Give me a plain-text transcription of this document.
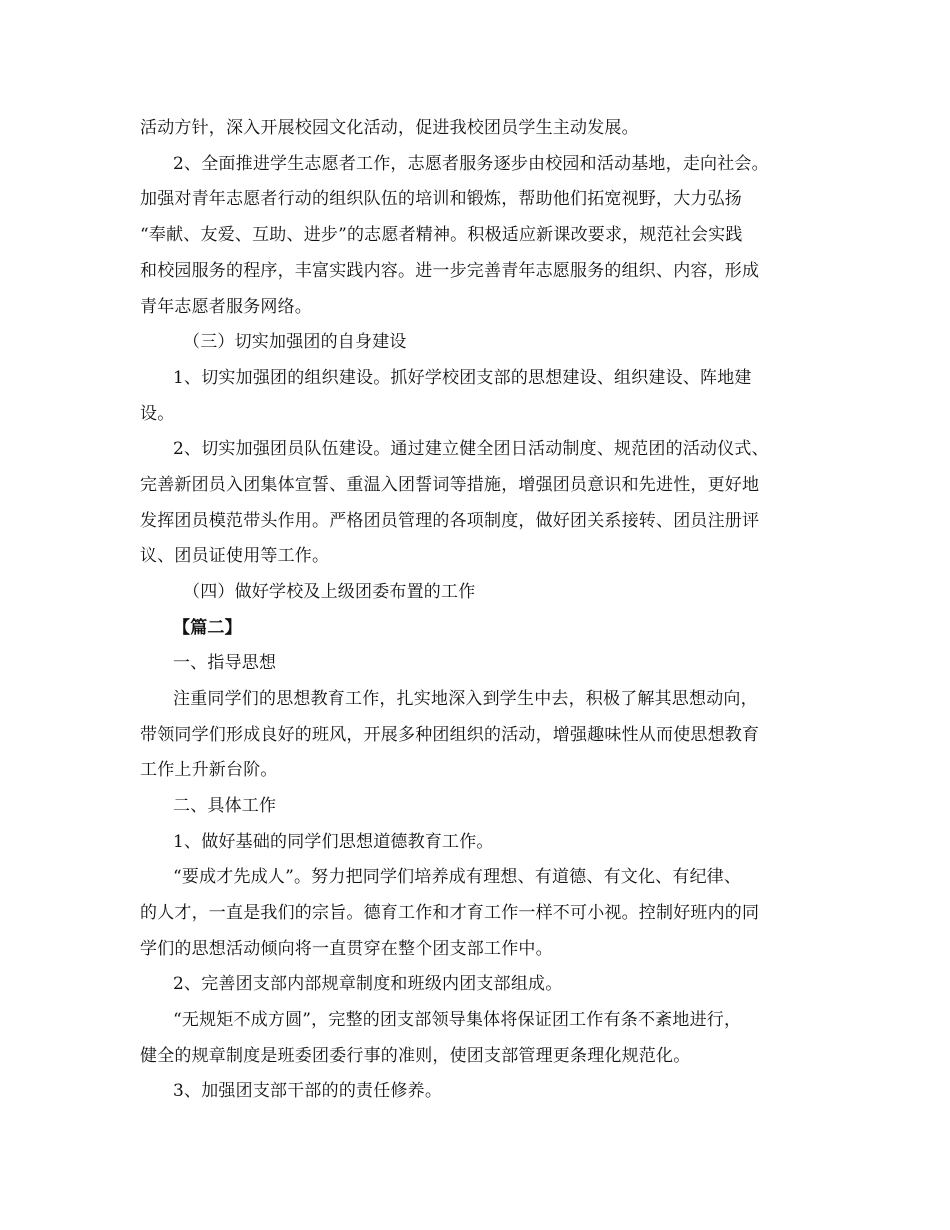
活动方针，深入开展校园文化活动，促进我校团员学生主动发展。
2、全面推进学生志愿者工作，志愿者服务逐步由校园和活动基地，走向社会。
加强对青年志愿者行动的组织队伍的培训和锻炼，帮助他们拓宽视野，大力弘扬
“奉献、友爱、互助、进步”的志愿者精神。积极适应新课改要求，规范社会实践
和校园服务的程序，丰富实践内容。进一步完善青年志愿服务的组织、内容，形成
青年志愿者服务网络。
（三）切实加强团的自身建设
1、切实加强团的组织建设。抓好学校团支部的思想建设、组织建设、阵地建
设。
2、切实加强团员队伍建设。通过建立健全团日活动制度、规范团的活动仪式、
完善新团员入团集体宣誓、重温入团誓词等措施，增强团员意识和先进性，更好地
发挥团员模范带头作用。严格团员管理的各项制度，做好团关系接转、团员注册评
议、团员证使用等工作。
（四）做好学校及上级团委布置的工作
【篇二】
一、指导思想
注重同学们的思想教育工作，扎实地深入到学生中去，积极了解其思想动向，
带领同学们形成良好的班风，开展多种团组织的活动，增强趣味性从而使思想教育
工作上升新台阶。
二、具体工作
1、做好基础的同学们思想道德教育工作。
“要成才先成人”。努力把同学们培养成有理想、有道德、有文化、有纪律、
的人才，一直是我们的宗旨。德育工作和才育工作一样不可小视。控制好班内的同
学们的思想活动倾向将一直贯穿在整个团支部工作中。
2、完善团支部内部规章制度和班级内团支部组成。
“无规矩不成方圆”，完整的团支部领导集体将保证团工作有条不紊地进行，
健全的规章制度是班委团委行事的准则，使团支部管理更条理化规范化。
3、加强团支部干部的的责任修养。
